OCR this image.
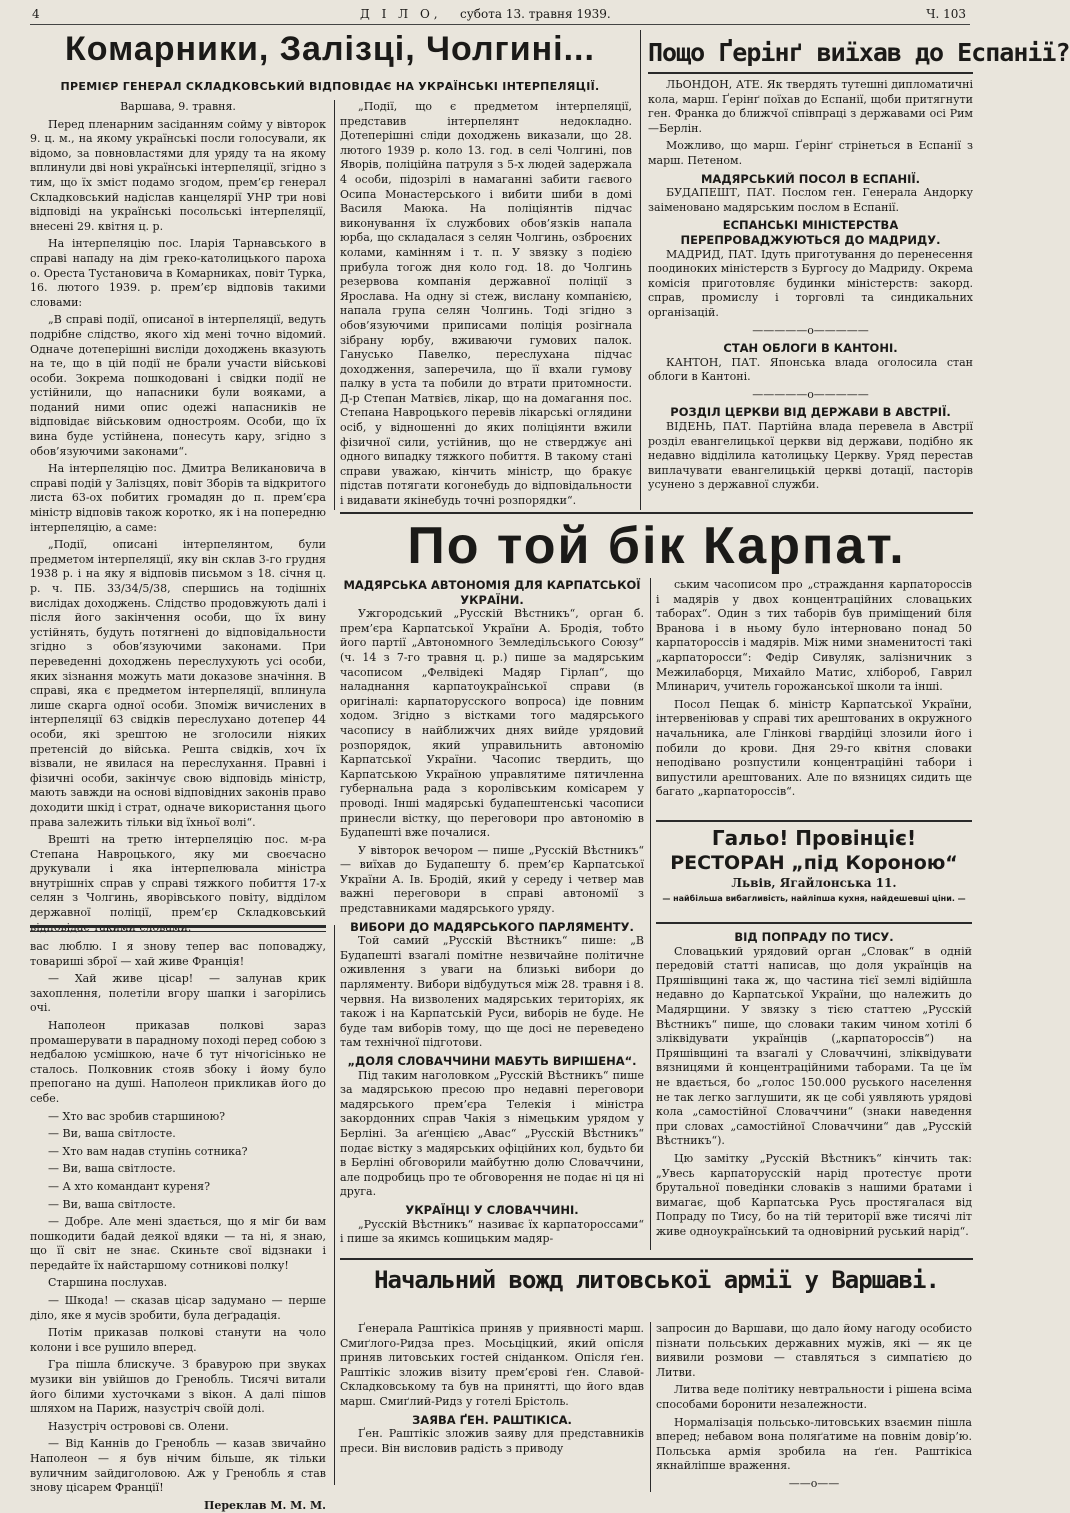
4	Д І Л О, субота 13. травня 1939.	Ч. 103
Комарники, Залізці, Чолгині...
ПРЕМІЄР ГЕНЕРАЛ СКЛАДКОВСЬКИЙ ВІДПОВІДАЄ НА УКРАЇНСЬКІ ІНТЕРПЕЛЯЦІЇ.

Варшава, 9. травня.

Перед пленарним засіданням сойму у вівторок 9. ц. м., на якому українські посли голосували, як відомо, за повновластями для уряду та на якому вплинули дві нові українські інтерпеляції, згідно з тим, що їх зміст подамо згодом, прем’єр генерал Складковський надіслав канцелярії УНР три нові відповіді на українські посольські інтерпеляції, внесені 29. квітня ц. р.

На інтерпеляцію пос. Іларія Тарнавського в справі нападу на дім греко-католицького пароха о. Ореста Тустановича в Комарниках, повіт Турка, 16. лютого 1939. р. прем’єр відповів такими словами:

„В справі події, описаної в інтерпеляції, ведуть подрібне слідство, якого хід мені точно відомий. Одначе дотеперішні висліди доходжень вказують на те, що в цій події не брали участи військові особи. Зокрема пошкодовані і свідки події не устійнили, що напасники були вояками, а поданий ними опис одежі напасників не відповідає військовим одностроям. Особи, що їх вина буде устійнена, понесуть кару, згідно з обов’язуючими законами“.

На інтерпеляцію пос. Дмитра Великановича в справі подій у Залізцях, повіт Зборів та відкритого листа 63-ох побитих громадян до п. прем’єра міністр відповів також коротко, як і на попередню інтерпеляцію, а саме:

„Події, описані інтерпелянтом, були предметом інтерпеляції, яку він склав 3-го грудня 1938 р. і на яку я відповів письмом з 18. січня ц. р. ч. ПБ. 33/34/5/38, спершись на тодішніх вислідах доходжень. Слідство продовжують далі і після його закінчення особи, що їх вину устійнять, будуть потягнені до відповідальности згідно з обов’язуючими законами. При переведенні доходжень переслухують усі особи, яких зізнання можуть мати доказове значіння. В справі, яка є предметом інтерпеляції, вплинула лише скарга одної особи. Зпоміж вичислених в інтерпеляції 63 свідків переслухано дотепер 44 особи, які зрештою не зголосили ніяких претенсій до війська. Решта свідків, хоч їх візвали, не явилася на переслухання. Правні і фізичні особи, закінчує свою відповідь міністр, мають завжди на основі відповідних законів право доходити шкід і страт, одначе використання цього права залежить тільки від їхньої волі“.

Врешті на третю інтерпеляцію пос. м-ра Степана Навроцького, яку ми своєчасно друкували і яка інтерпелювала міністра внутрішніх справ у справі тяжкого побиття 17-х селян з Чолгинь, яворівського повіту, відділом державної поліції, прем’єр Складковський

„Події, що є предметом інтерпеляції, представив інтерпелянт недокладно. Дотеперішні сліди доходжень виказали, що 28. лютого 1939 р. коло 13. год. в селі Чолгині, пов Яворів, поліційна патруля з 5-х людей задержала 4 особи, підозрілі в намаганні забити гаєвого Осипа Монастерського і вибити шиби в домі Василя Маюка. На поліціянтів підчас виконування їх службових обов’язків напала юрба, що складалася з селян Чолгинь, озброєних колами, камінням і т. п. У звязку з подією прибула тогож дня коло год. 18. до Чолгинь резервова компанія державної поліції з Ярослава. На одну зі стеж, вислану компанією, напала група селян Чолгинь. Тоді згідно з обов’язуючими приписами поліція розігнала зібрану юрбу, вживаючи гумових палок. Ганусько Павелко, переслухана підчас доходження, заперечила, що її вхали гумову палку в уста та побили до втрати притомности. Д-р Степан Матвієв, лікар, що на домагання пос. Степана Навроцького перевів лікарські оглядини осіб, у відношенні до яких поліціянти вжили фізичної сили, устійнив, що не стверджує ані одного випадку тяжкого побиття. В такому стані справи уважаю, кінчить міністр, що бракує підстав потягати когонебудь до відповідальности і видавати якінебудь точні розпорядки“.

Пощо Ґерінґ виїхав до Еспанії?

ЛЬОНДОН, АТЕ. Як твердять тутешні дипломатичні кола, марш. Ґерінґ поїхав до Еспанії, щоби притягнути ген. Франка до ближчої співпраці з державами осі Рим—Берлін.

Можливо, що марш. Ґерінґ стрінеться в Еспанії з марш. Петеном.

МАДЯРСЬКИЙ ПОСОЛ В ЕСПАНІЇ.

БУДАПЕШТ, ПАТ. Послом ген. Генерала Андорку заіменовано мадярським послом в Еспанії.

ЕСПАНСЬКІ МІНІСТЕРСТВА ПЕРЕПРОВАДЖУЮТЬСЯ ДО МАДРИДУ.

МАДРИД, ПАТ. Ідуть приготування до перенесення поодиноких міністерств з Бургосу до Мадриду. Окрема комісія приготовляє будинки міністерств: закорд. справ, промислу і торговлі та синдикальних організацій.

—————o—————

СТАН ОБЛОГИ В КАНТОНІ.

КАНТОН, ПАТ. Японська влада оголосила стан облоги в Кантоні.

—————o—————

РОЗДІЛ ЦЕРКВИ ВІД ДЕРЖАВИ В АВСТРІЇ.

ВІДЕНЬ, ПАТ. Партійна влада перевела в Австрії розділ евангелицької церкви від держави, подібно як недавно відділила католицьку Церкву. Уряд перестав виплачувати евангелицькій церкві дотації, пасторів усунено з державної служби.

По той бік Карпат.
МАДЯРСЬКА АВТОНОМІЯ ДЛЯ КАРПАТСЬКОЇ УКРАЇНИ.

Ужгородський „Русскій Вѣстникъ“, орган б. прем’єра Карпатської України А. Бродія, тобто його партії „Автономного Земледільського Союзу“ (ч. 14 з 7-го травня ц. р.) пише за мадярським часописом „Фелвідекі Мадяр Гірлап“, що наладнання карпатоукраїнської справи (в оригіналі: карпаторусского вопроса) іде повним ходом. Згідно з вістками того мадярського часопису в найближчих днях вийде урядовий розпорядок, який управильнить автономію Карпатської України. Часопис твердить, що Карпатською Україною управлятиме пятичленна губернальна рада з королівським комісарем у проводі. Інші мадярські будапештенські часописи принесли вістку, що переговори про автономію в Будапешті вже почалися.

У вівторок вечором — пише „Русскій Вѣстникъ“ — виїхав до Будапешту б. прем’єр Карпатської України А. Ів. Бродій, який у середу і четвер мав важні переговори в справі автономії з представниками мадярського уряду.

ВИБОРИ ДО МАДЯРСЬКОГО ПАРЛЯМЕНТУ.

Той самий „Русскій Вѣстникъ“ пише: „В Будапешті взагалі помітне незвичайне політичне оживлення з уваги на близькі вибори до парляменту. Вибори відбудуться між 28. травня і 8. червня. На визволених мадярських територіях, як також і на Карпатській Руси, виборів не буде. Не буде там виборів тому, що ще досі не переведено там технічної підготови.

„ДОЛЯ СЛОВАЧЧИНИ МАБУТЬ ВИРІШЕНА“.

Під таким наголовком „Русскій Вѣстникъ“ пише за мадярською пресою про недавні переговори мадярського прем’єра Телекія і міністра закордонних справ Чакія з німецьким урядом у Берліні. За аґенцією „Авас“ „Русскій Вѣстникъ“ подає вістку з мадярських офіційних кол, будьто би в Берліні обговорили майбутню долю Словаччини, але подробиць про те обговорення не подає ні ця ні друга.

УКРАЇНЦІ У СЛОВАЧЧИНІ.

„Русскій Вѣстникъ“ називає їх карпатороссами“ і пише за якимсь кошицьким мадяр-

ським часописом про „страждання карпатороссів і мадярів у двох концентраційних словацьких таборах“. Один з тих таборів був приміщений біля Вранова і в ньому було інтерновано понад 50 карпатороссів і мадярів. Між ними знаменитості такі „карпаторосси“: Федір Сивуляк, залізничник з Межилаборця, Михайло Матис, хлібороб, Гаврил Млинарич, учитель горожанської школи та інші.

Посол Пещак б. міністр Карпатської України, інтервеніював у справі тих арештованих в окружного начальника, але Глінкові гвардійці злозили його і побили до крови. Дня 29-го квітня словаки неподівано розпустили концентраційні табори і випустили арештованих. Але по вязницях сидить ще багато „карпатороссів“.

Гальо! Провінціє!
РЕСТОРАН „під Короною“
Львів, Ягайлонська 11.
— найбільша вибагливість, найліпша кухня, найдешевші ціни. —
ВІД ПОПРАДУ ПО ТИСУ.

Словацький урядовий орган „Словак“ в одній передовій статті написав, що доля українців на Пряшівщині така ж, що частина тієї землі відійшла недавно до Карпатської України, щo належить до Мадярщини. У звязку з тією статтею „Русскій Вѣстникъ“ пише, що словаки таким чином хотілі б зліквідувати українців („карпатороссів“) на Пряшівщині та взагалі у Словаччині, зліквідувати вязницями й концентраційними таборами. Та це їм не вдається, бо „голос 150.000 руського населення не так легко заглушити, як це собі уявляють урядові кола „самостійної Словаччини“ (знаки наведення при словах „самостійної Словаччини“ дав „Русскій Вѣстникъ“).

Цю замітку „Русскій Вѣстникъ“ кінчить так: „Увесь карпаторусскій нарід протестує проти брутальної поведінки словаків з нашими братами і вимагає, щоб Карпатська Русь простягалася від Попраду по Тису, бо на тій території вже тисячі літ живе одноукраїнський та одновірний руський нарід“.

вас люблю. І я знову тепер вас поповаджу, товариші зброї — хай живе Франція!

— Хай живе цісар! — залунав крик захоплення, полетіли вгору шапки і загорілись очі.

Наполеон приказав полкові зараз промашерувати в парадному поході перед собою з недбалою усмішкою, наче б тут нічогісінько не сталось. Полковник стояв збоку і йому було препогано на душі. Наполеон прикликав його до себе.

— Хто вас зробив старшиною?

— Ви, ваша світлосте.

— Хто вам надав ступінь сотника?

— Ви, ваша світлосте.

— А хто командант куреня?

— Ви, ваша світлосте.

— Добре. Але мені здається, що я міг би вам пошкодити бадай деякої вдяки — та ні, я знаю, що її світ не знає. Скиньте свої відзнаки і передайте їх найстаршому сотникові полку!

Старшина послухав.

— Шкода! — сказав цісар задумано — перше діло, яке я мусів зробити, була деґрадація.

Потім приказав полкові станути на чоло колони і все рушило вперед.

Гра пішла блискуче. З бравурою при звуках музики він увійшов до Гренобль. Тисячі витали його білими хусточками з вікон. А далі пішов шляхом на Париж, назустріч своїй долі.

Назустріч островові св. Олени.

— Від Каннів до Гренобль — казав звичайно Наполеон — я був нічим більше, як тільки вуличним зайдиголовою. Аж у Гренобль я став знову цісарем Франції!

Переклав М. М. М.

Начальний вожд литовської армії у Варшаві.

Ґенерала Раштікіса приняв у приявності марш. Смиґлого-Ридза през. Мосьціцкий, який опісля приняв литовських гостей сніданком. Опісля ґен. Раштікіс зложив візиту прем’єрові ґен. Славой-Складковському та був на принятті, що його вдав марш. Смиґлий-Ридз у готелі Брістоль.

ЗАЯВА ҐЕН. РАШТІКІСА.

Ґен. Раштікіс зложив заяву для представників преси. Він висловив радість з приводу

запросин до Варшави, що дало йому нагоду особисто пізнати польських державних мужів, які — як це виявили розмови — ставляться з симпатією до Литви.

Литва веде політику невтральности і рішена всіма способами боронити незалежности.

Нормалізація польсько-литовських взаємин пішла вперед; небавом вона поляґатиме на повнім довір’ю. Польська армія зробила на ґен. Раштікіса якнайліпше враження.

——o——
